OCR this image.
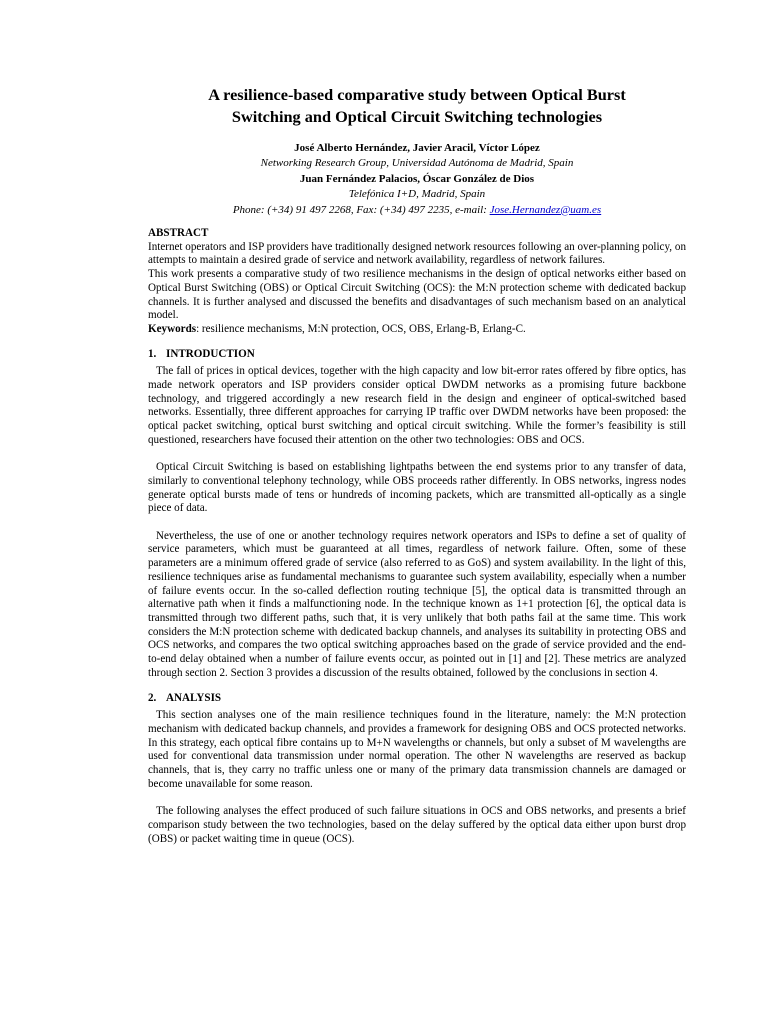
A resilience-based comparative study between Optical Burst
Switching and Optical Circuit Switching technologies
José Alberto Hernández, Javier Aracil, Víctor López
Networking Research Group, Universidad Autónoma de Madrid, Spain
Juan Fernández Palacios, Óscar González de Dios
Telefónica I+D, Madrid, Spain
Phone: (+34) 91 497 2268, Fax: (+34) 497 2235, e-mail: Jose.Hernandez@uam.es
ABSTRACT

Internet operators and ISP providers have traditionally designed network resources following an over-planning policy, on attempts to maintain a desired grade of service and network availability, regardless of network failures.

This work presents a comparative study of two resilience mechanisms in the design of optical networks either based on Optical Burst Switching (OBS) or Optical Circuit Switching (OCS): the M:N protection scheme with dedicated backup channels. It is further analysed and discussed the benefits and disadvantages of such mechanism based on an analytical model.

Keywords: resilience mechanisms, M:N protection, OCS, OBS, Erlang-B, Erlang-C.

1. INTRODUCTION

The fall of prices in optical devices, together with the high capacity and low bit-error rates offered by fibre optics, has made network operators and ISP providers consider optical DWDM networks as a promising future backbone technology, and triggered accordingly a new research field in the design and engineer of optical-switched based networks. Essentially, three different approaches for carrying IP traffic over DWDM networks have been proposed: the optical packet switching, optical burst switching and optical circuit switching. While the former’s feasibility is still questioned, researchers have focused their attention on the other two technologies: OBS and OCS.

Optical Circuit Switching is based on establishing lightpaths between the end systems prior to any transfer of data, similarly to conventional telephony technology, while OBS proceeds rather differently. In OBS networks, ingress nodes generate optical bursts made of tens or hundreds of incoming packets, which are transmitted all-optically as a single piece of data.

Nevertheless, the use of one or another technology requires network operators and ISPs to define a set of quality of service parameters, which must be guaranteed at all times, regardless of network failure. Often, some of these parameters are a minimum offered grade of service (also referred to as GoS) and system availability. In the light of this, resilience techniques arise as fundamental mechanisms to guarantee such system availability, especially when a number of failure events occur. In the so-called deflection routing technique [5], the optical data is transmitted through an alternative path when it finds a malfunctioning node. In the technique known as 1+1 protection [6], the optical data is transmitted through two different paths, such that, it is very unlikely that both paths fail at the same time. This work considers the M:N protection scheme with dedicated backup channels, and analyses its suitability in protecting OBS and OCS networks, and compares the two optical switching approaches based on the grade of service provided and the end-to-end delay obtained when a number of failure events occur, as pointed out in [1] and [2]. These metrics are analyzed through section 2. Section 3 provides a discussion of the results obtained, followed by the conclusions in section 4.

2. ANALYSIS

This section analyses one of the main resilience techniques found in the literature, namely: the M:N protection mechanism with dedicated backup channels, and provides a framework for designing OBS and OCS protected networks. In this strategy, each optical fibre contains up to M+N wavelengths or channels, but only a subset of M wavelengths are used for conventional data transmission under normal operation. The other N wavelengths are reserved as backup channels, that is, they carry no traffic unless one or many of the primary data transmission channels are damaged or become unavailable for some reason.

The following analyses the effect produced of such failure situations in OCS and OBS networks, and presents a brief comparison study between the two technologies, based on the delay suffered by the optical data either upon burst drop (OBS) or packet waiting time in queue (OCS).
